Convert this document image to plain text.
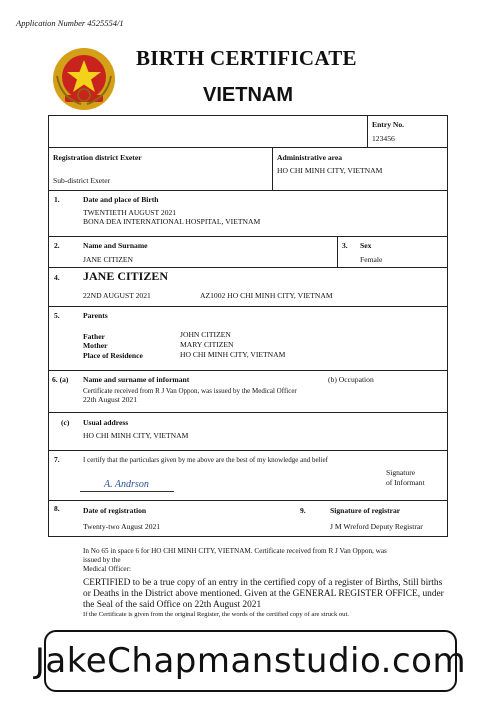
Application Number 4525554/1
BIRTH CERTIFICATE
VIETNAM
Entry No.
123456
Registration district Exeter
Sub-district Exeter
Administrative area
HO CHI MINH CITY, VIETNAM
1.	Date and place of Birth
TWENTIETH AUGUST 2021
BONA DEA INTERNATIONAL HOSPITAL, VIETNAM
2.	Name and Surname
JANE CITIZEN
3. Sex
Female
4. JANE CITIZEN
22ND AUGUST 2021	AZ1002 HO CHI MINH CITY, VIETNAM
5.	Parents
Father	JOHN CITIZEN
Mother	MARY CITIZEN
Place of Residence	HO CHI MINH CITY, VIETNAM
6. (a) Name and surname of informant	(b) Occupation
Certificate received from R J Van Oppon, was issued by the Medical Officer
22th August 2021
(c) Usual address
HO CHI MINH CITY, VIETNAM
7.	I certify that the particulars given by me above are the best of my knowledge and belief
A. Andrson
Signature
of Informant
8.	Date of registration
Twenty-two August 2021
9.	Signature of registrar
J M Wreford Deputy Registrar
In No 65 in space 6 for HO CHI MINH CITY, VIETNAM. Certificate received from R J Van Oppon, was
issued by the
Medical Officer:
CERTIFIED to be a true copy of an entry in the certified copy of a register of Births, Still births
or Deaths in the District above mentioned. Given at the GENERAL REGISTER OFFICE, under
the Seal of the said Office on 22th August 2021
If the Certificate is given from the original Register, the words of the certified copy of are struck out.
JakeChapmanstudio.com
